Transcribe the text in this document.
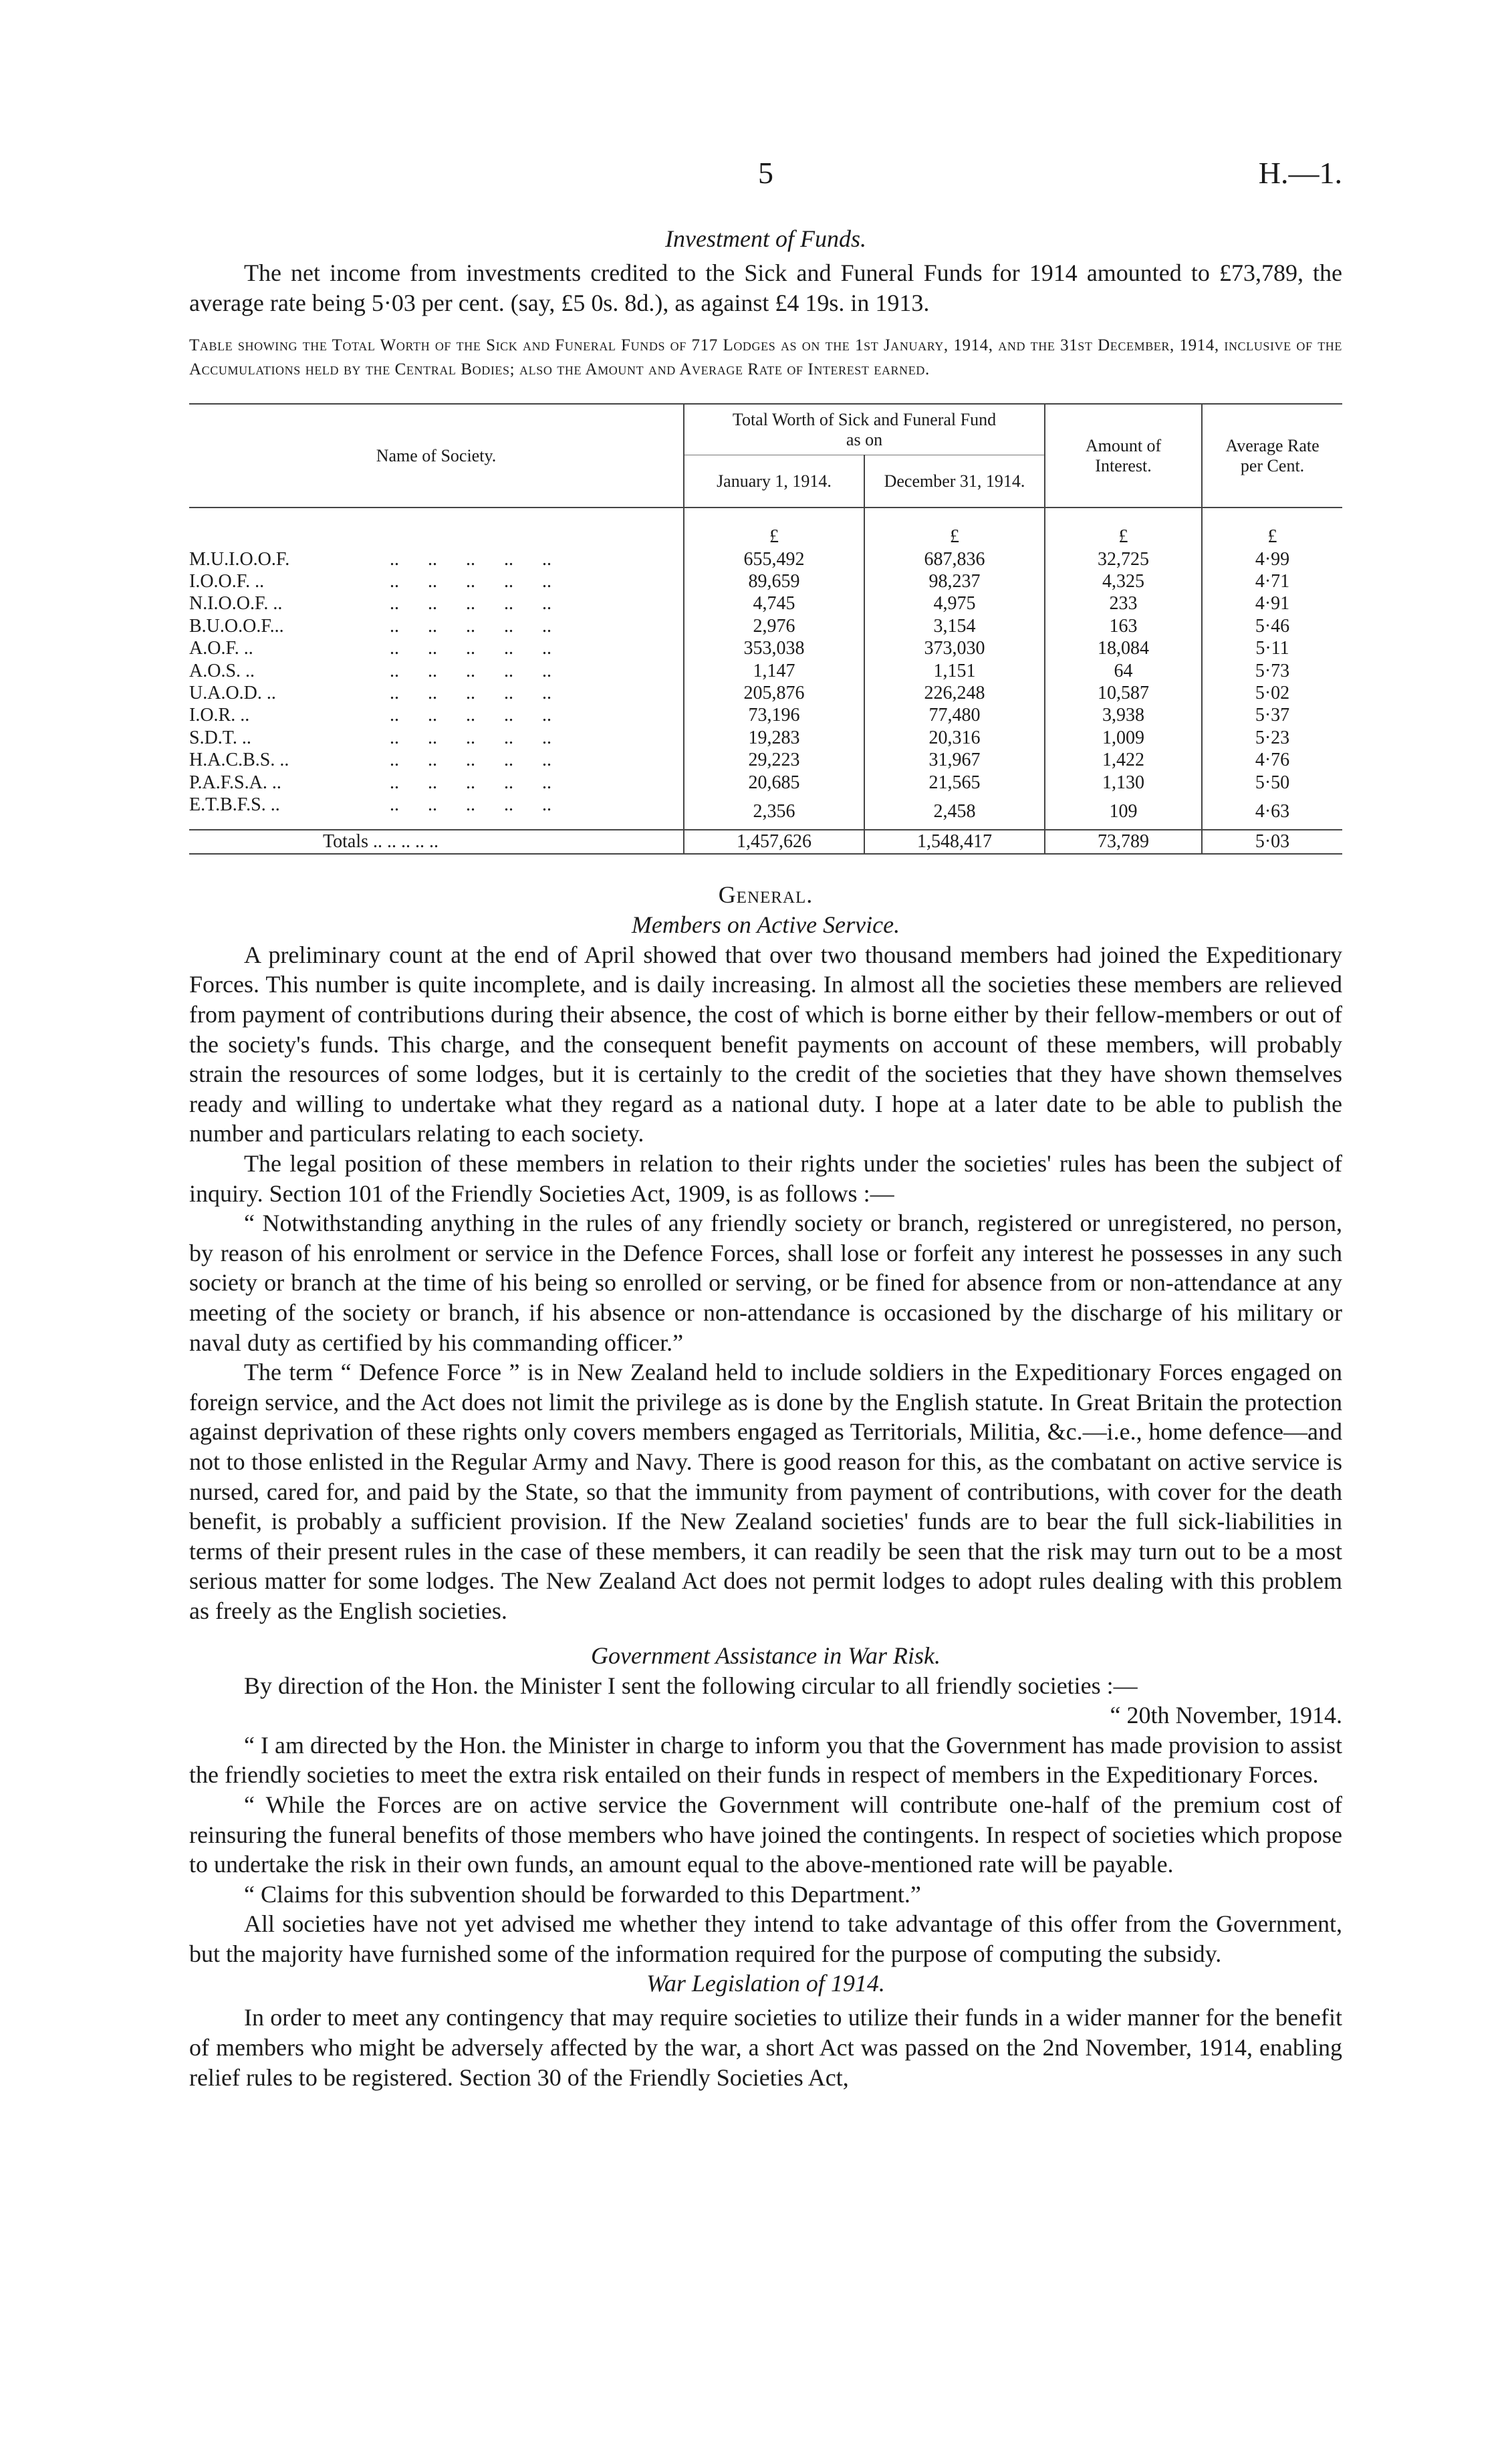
5	H.—1.
Investment of Funds.

The net income from investments credited to the Sick and Funeral Funds for 1914 amounted to £73,789, the average rate being 5·03 per cent. (say, £5 0s. 8d.), as against £4 19s. in 1913.

Table showing the Total Worth of the Sick and Funeral Funds of 717 Lodges as on the 1st January, 1914, and the 31st December, 1914, inclusive of the Accumulations held by the Central Bodies; also the Amount and Average Rate of Interest earned.
Name of Society.	Total Worth of Sick and Funeral Fund as on		Amount of Interest.	Average Rate per Cent.
	January 1, 1914.	December 31, 1914.		
	£	£	£	£
M.U.I.O.O.F. .. .. .. .. ..	655,492	687,836	32,725	4·99
I.O.O.F. .. .. .. .. .. ..	89,659	98,237	4,325	4·71
N.I.O.O.F. .. .. .. .. .. ..	4,745	4,975	233	4·91
B.U.O.O.F... .. .. .. .. ..	2,976	3,154	163	5·46
A.O.F. .. .. .. .. .. ..	353,038	373,030	18,084	5·11
A.O.S. .. .. .. .. .. ..	1,147	1,151	64	5·73
U.A.O.D. .. .. .. .. .. ..	205,876	226,248	10,587	5·02
I.O.R. .. .. .. .. .. ..	73,196	77,480	3,938	5·37
S.D.T. .. .. .. .. .. ..	19,283	20,316	1,009	5·23
H.A.C.B.S. .. .. .. .. .. ..	29,223	31,967	1,422	4·76
P.A.F.S.A. .. .. .. .. .. ..	20,685	21,565	1,130	5·50
E.T.B.F.S. .. .. .. .. .. ..	2,356	2,458	109	4·63
Totals .. .. .. .. ..	1,457,626	1,548,417	73,789	5·03
General.
Members on Active Service.

A preliminary count at the end of April showed that over two thousand members had joined the Expeditionary Forces. This number is quite incomplete, and is daily increasing. In almost all the societies these members are relieved from payment of contributions during their absence, the cost of which is borne either by their fellow-members or out of the society's funds. This charge, and the consequent benefit payments on account of these members, will probably strain the resources of some lodges, but it is certainly to the credit of the societies that they have shown themselves ready and willing to undertake what they regard as a national duty. I hope at a later date to be able to publish the number and particulars relating to each society.

The legal position of these members in relation to their rights under the societies' rules has been the subject of inquiry. Section 101 of the Friendly Societies Act, 1909, is as follows :—

“ Notwithstanding anything in the rules of any friendly society or branch, registered or unregistered, no person, by reason of his enrolment or service in the Defence Forces, shall lose or forfeit any interest he possesses in any such society or branch at the time of his being so enrolled or serving, or be fined for absence from or non-attendance at any meeting of the society or branch, if his absence or non-attendance is occasioned by the discharge of his military or naval duty as certified by his commanding officer.”

The term “ Defence Force ” is in New Zealand held to include soldiers in the Expeditionary Forces engaged on foreign service, and the Act does not limit the privilege as is done by the English statute. In Great Britain the protection against deprivation of these rights only covers members engaged as Territorials, Militia, &c.—i.e., home defence—and not to those enlisted in the Regular Army and Navy. There is good reason for this, as the combatant on active service is nursed, cared for, and paid by the State, so that the immunity from payment of contributions, with cover for the death benefit, is probably a sufficient provision. If the New Zealand societies' funds are to bear the full sick-liabilities in terms of their present rules in the case of these members, it can readily be seen that the risk may turn out to be a most serious matter for some lodges. The New Zealand Act does not permit lodges to adopt rules dealing with this problem as freely as the English societies.

Government Assistance in War Risk.

By direction of the Hon. the Minister I sent the following circular to all friendly societies :—

“ 20th November, 1914.

“ I am directed by the Hon. the Minister in charge to inform you that the Government has made provision to assist the friendly societies to meet the extra risk entailed on their funds in respect of members in the Expeditionary Forces.

“ While the Forces are on active service the Government will contribute one-half of the premium cost of reinsuring the funeral benefits of those members who have joined the contingents. In respect of societies which propose to undertake the risk in their own funds, an amount equal to the above-mentioned rate will be payable.

“ Claims for this subvention should be forwarded to this Department.”

All societies have not yet advised me whether they intend to take advantage of this offer from the Government, but the majority have furnished some of the information required for the purpose of computing the subsidy.

War Legislation of 1914.

In order to meet any contingency that may require societies to utilize their funds in a wider manner for the benefit of members who might be adversely affected by the war, a short Act was passed on the 2nd November, 1914, enabling relief rules to be registered. Section 30 of the Friendly Societies Act,
